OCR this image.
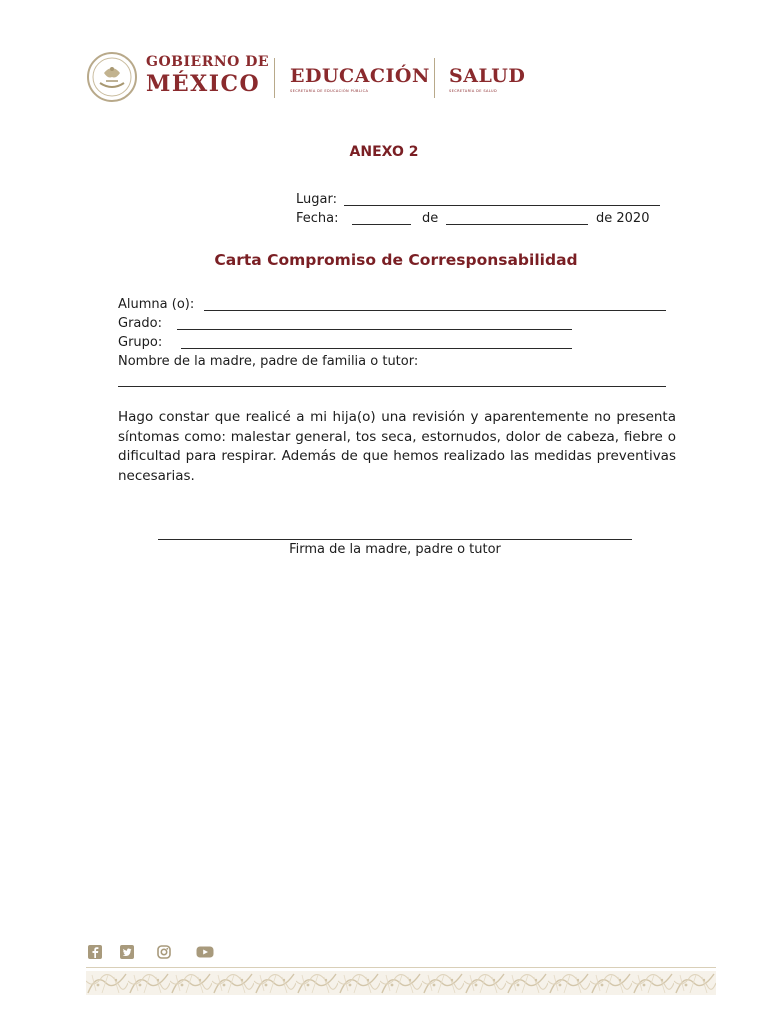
GOBIERNO DE
MÉXICO EDUCACIÓN
SECRETARÍA DE EDUCACIÓN PÚBLICA
SALUD
SECRETARÍA DE SALUD
ANEXO 2
Lugar:
Fecha:	de	de 2020
Carta Compromiso de Corresponsabilidad
Alumna (o):
Grado:
Grupo:
Nombre de la madre, padre de familia o tutor:
Hago constar que realicé a mi hija(o) una revisión y aparentemente no presenta síntomas como: malestar general, tos seca, estornudos, dolor de cabeza, fiebre o dificultad para respirar. Además de que hemos realizado las medidas preventivas necesarias.
Firma de la madre, padre o tutor
